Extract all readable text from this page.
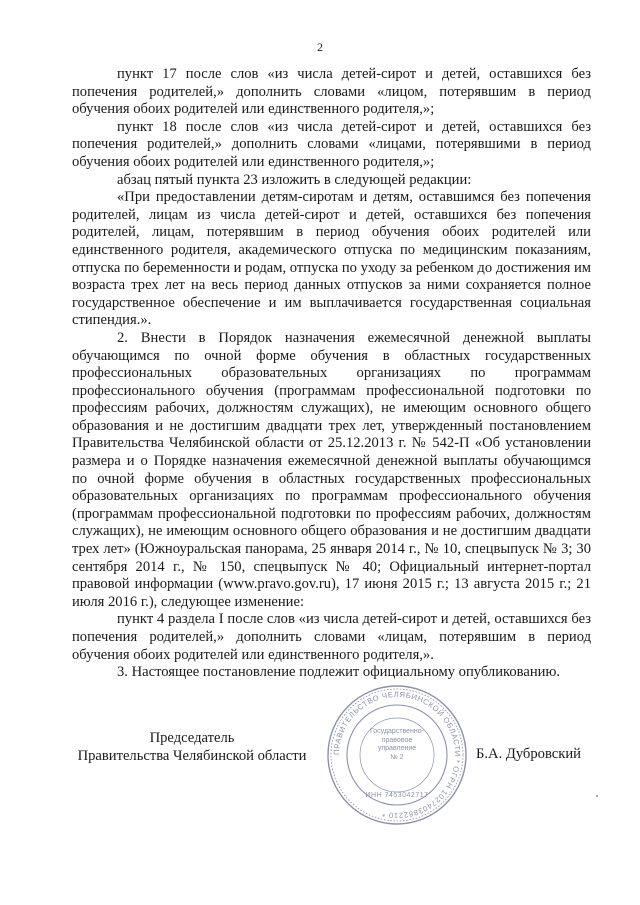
2

пункт 17 после слов «из числа детей-сирот и детей, оставшихся без попечения родителей,» дополнить словами «лицом, потерявшим в период обучения обоих родителей или единственного родителя,»;

пункт 18 после слов «из числа детей-сирот и детей, оставшихся без попечения родителей,» дополнить словами «лицами, потерявшими в период обучения обоих родителей или единственного родителя,»;

абзац пятый пункта 23 изложить в следующей редакции:

«При предоставлении детям-сиротам и детям, оставшимся без попечения родителей, лицам из числа детей-сирот и детей, оставшихся без попечения родителей, лицам, потерявшим в период обучения обоих родителей или единственного родителя, академического отпуска по медицинским показаниям, отпуска по беременности и родам, отпуска по уходу за ребенком до достижения им возраста трех лет на весь период данных отпусков за ними сохраняется полное государственное обеспечение и им выплачивается государственная социальная стипендия.».

2. Внести в Порядок назначения ежемесячной денежной выплаты обучающимся по очной форме обучения в областных государственных профессиональных образовательных организациях по программам профессионального обучения (программам профессиональной подготовки по профессиям рабочих, должностям служащих), не имеющим основного общего образования и не достигшим двадцати трех лет, утвержденный постановлением Правительства Челябинской области от 25.12.2013 г. № 542-П «Об установлении размера и о Порядке назначения ежемесячной денежной выплаты обучающимся по очной форме обучения в областных государственных профессиональных образовательных организациях по программам профессионального обучения (программам профессиональной подготовки по профессиям рабочих, должностям служащих), не имеющим основного общего образования и не достигшим двадцати трех лет» (Южноуральская панорама, 25 января 2014 г., № 10, спецвыпуск № 3; 30 сентября 2014 г., № 150, спецвыпуск № 40; Официальный интернет-портал правовой информации (www.pravo.gov.ru), 17 июня 2015 г.; 13 августа 2015 г.; 21 июля 2016 г.), следующее изменение:

пункт 4 раздела I после слов «из числа детей-сирот и детей, оставшихся без попечения родителей,» дополнить словами «лицам, потерявшим в период обучения обоих родителей или единственного родителя,».

3. Настоящее постановление подлежит официальному опубликованию.

Председатель
Правительства Челябинской области	Б.А. Дубровский
ПРАВИТЕЛЬСТВО ЧЕЛЯБИНСКОЙ ОБЛАСТИ * ОГРН 1027403882210 *
Государственно-правовое управление
№ 2
ИНН 7453042717
